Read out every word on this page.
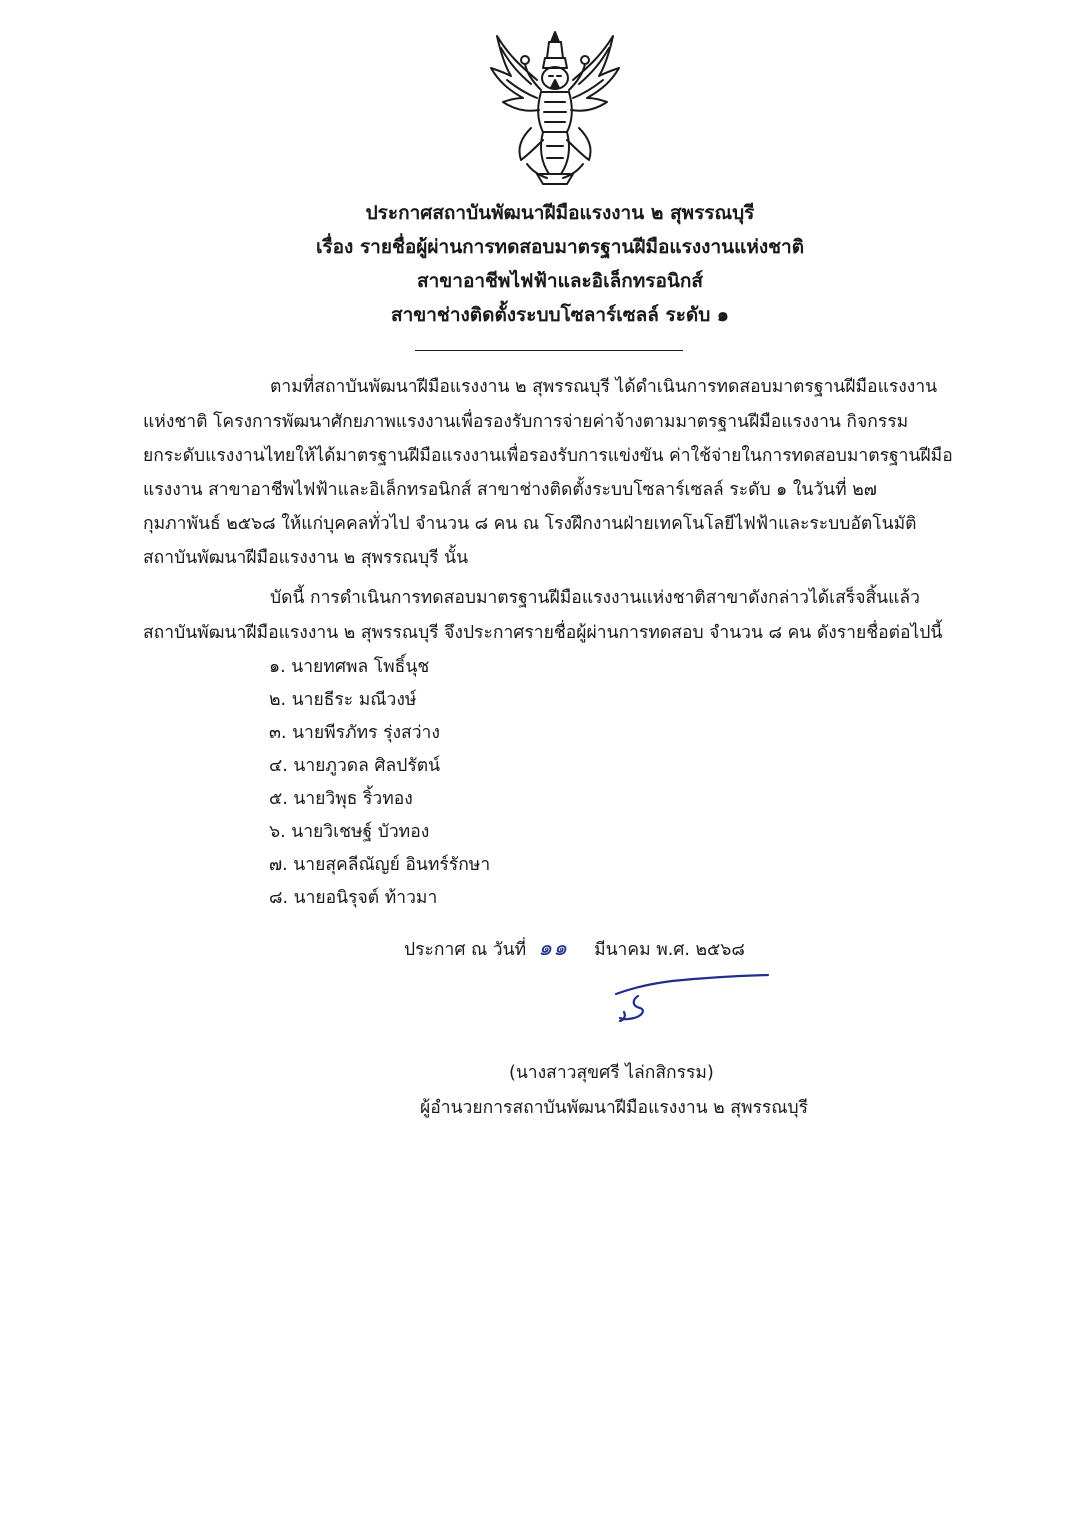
ประกาศสถาบันพัฒนาฝีมือแรงงาน ๒ สุพรรณบุรี
เรื่อง รายชื่อผู้ผ่านการทดสอบมาตรฐานฝีมือแรงงานแห่งชาติ
สาขาอาชีพไฟฟ้าและอิเล็กทรอนิกส์
สาขาช่างติดตั้งระบบโซลาร์เซลล์ ระดับ ๑
ตามที่สถาบันพัฒนาฝีมือแรงงาน ๒ สุพรรณบุรี ได้ดำเนินการทดสอบมาตรฐานฝีมือแรงงาน
แห่งชาติ โครงการพัฒนาศักยภาพแรงงานเพื่อรองรับการจ่ายค่าจ้างตามมาตรฐานฝีมือแรงงาน กิจกรรม
ยกระดับแรงงานไทยให้ได้มาตรฐานฝีมือแรงงานเพื่อรองรับการแข่งขัน ค่าใช้จ่ายในการทดสอบมาตรฐานฝีมือ
แรงงาน สาขาอาชีพไฟฟ้าและอิเล็กทรอนิกส์ สาขาช่างติดตั้งระบบโซลาร์เซลล์ ระดับ ๑ ในวันที่ ๒๗
กุมภาพันธ์ ๒๕๖๘ ให้แก่บุคคลทั่วไป จำนวน ๘ คน ณ โรงฝึกงานฝ่ายเทคโนโลยีไฟฟ้าและระบบอัตโนมัติ
สถาบันพัฒนาฝีมือแรงงาน ๒ สุพรรณบุรี นั้น
บัดนี้ การดำเนินการทดสอบมาตรฐานฝีมือแรงงานแห่งชาติสาขาดังกล่าวได้เสร็จสิ้นแล้ว
สถาบันพัฒนาฝีมือแรงงาน ๒ สุพรรณบุรี จึงประกาศรายชื่อผู้ผ่านการทดสอบ จำนวน ๘ คน ดังรายชื่อต่อไปนี้
๑. นายทศพล โพธิ์นุช
๒. นายธีระ มณีวงษ์
๓. นายพีรภัทร รุ่งสว่าง
๔. นายภูวดล ศิลปรัตน์
๕. นายวิพุธ ริ้วทอง
๖. นายวิเชษฐ์ บัวทอง
๗. นายสุคลีณัญย์ อินทร์รักษา
๘. นายอนิรุจต์ ท้าวมา
ประกาศ ณ วันที่ ๑๑ มีนาคม พ.ศ. ๒๕๖๘
(นางสาวสุขศรี ไล่กสิกรรม)
ผู้อำนวยการสถาบันพัฒนาฝีมือแรงงาน ๒ สุพรรณบุรี
